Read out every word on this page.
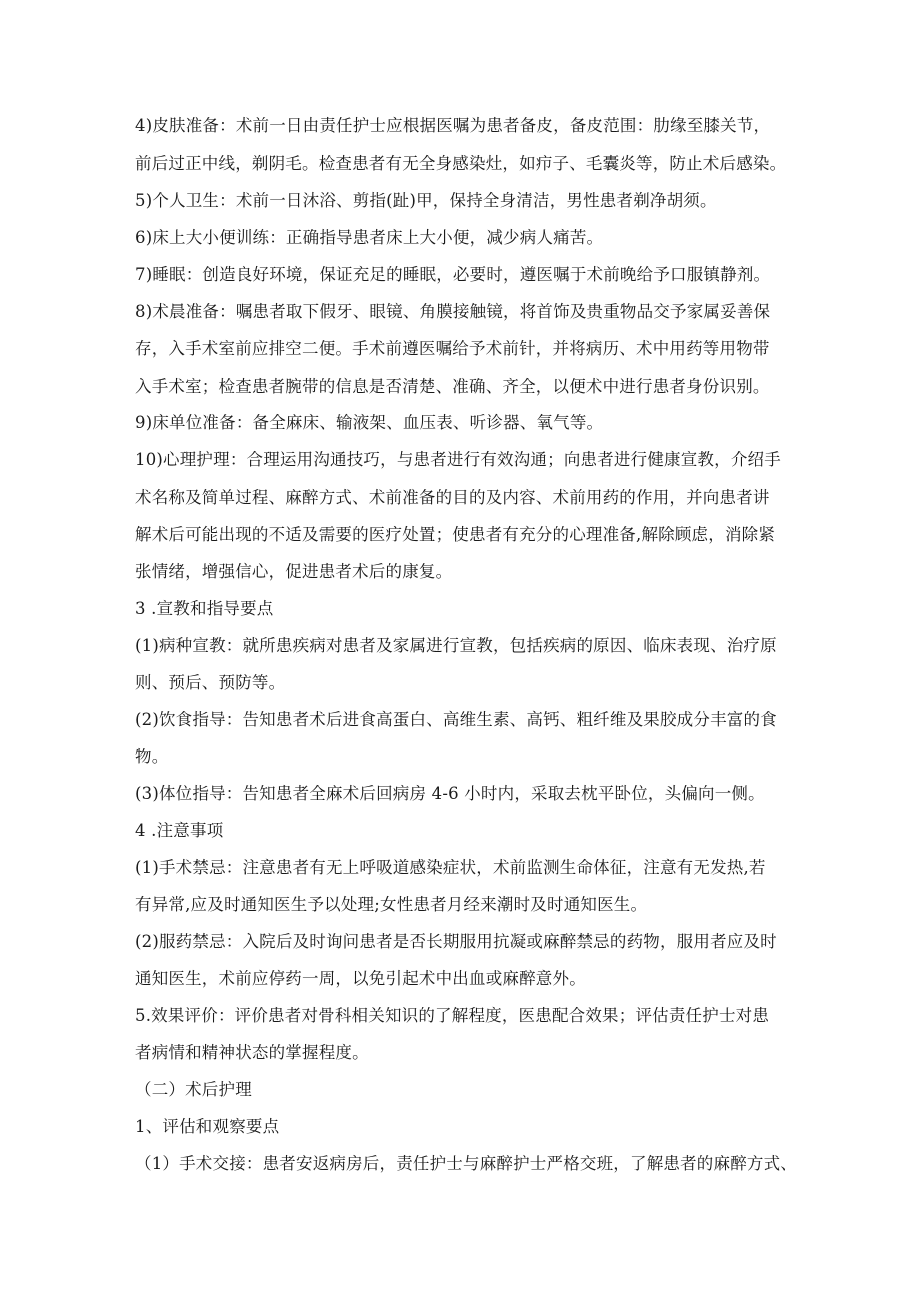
4)皮肤准备：术前一日由责任护士应根据医嘱为患者备皮，备皮范围：肋缘至膝关节，
前后过正中线，剃阴毛。检查患者有无全身感染灶，如疖子、毛囊炎等，防止术后感染。
5)个人卫生：术前一日沐浴、剪指(趾)甲，保持全身清洁，男性患者剃净胡须。
6)床上大小便训练：正确指导患者床上大小便，减少病人痛苦。
7)睡眠：创造良好环境，保证充足的睡眠，必要时，遵医嘱于术前晚给予口服镇静剂。
8)术晨准备：嘱患者取下假牙、眼镜、角膜接触镜，将首饰及贵重物品交予家属妥善保
存，入手术室前应排空二便。手术前遵医嘱给予术前针，并将病历、术中用药等用物带
入手术室；检查患者腕带的信息是否清楚、准确、齐全，以便术中进行患者身份识别。
9)床单位准备：备全麻床、输液架、血压表、听诊器、氧气等。
10)心理护理：合理运用沟通技巧，与患者进行有效沟通；向患者进行健康宣教，介绍手
术名称及简单过程、麻醉方式、术前准备的目的及内容、术前用药的作用，并向患者讲
解术后可能出现的不适及需要的医疗处置；使患者有充分的心理准备,解除顾虑，消除紧
张情绪，增强信心，促进患者术后的康复。
3 .宣教和指导要点
(1)病种宣教：就所患疾病对患者及家属进行宣教，包括疾病的原因、临床表现、治疗原
则、预后、预防等。
(2)饮食指导：告知患者术后进食高蛋白、高维生素、高钙、粗纤维及果胶成分丰富的食
物。
(3)体位指导：告知患者全麻术后回病房 4-6 小时内，采取去枕平卧位，头偏向一侧。
4 .注意事项
(1)手术禁忌：注意患者有无上呼吸道感染症状，术前监测生命体征，注意有无发热,若
有异常,应及时通知医生予以处理;女性患者月经来潮时及时通知医生。
(2)服药禁忌：入院后及时询问患者是否长期服用抗凝或麻醉禁忌的药物，服用者应及时
通知医生，术前应停药一周，以免引起术中出血或麻醉意外。
5.效果评价：评价患者对骨科相关知识的了解程度，医患配合效果；评估责任护士对患
者病情和精神状态的掌握程度。
（二）术后护理
1、评估和观察要点
（1）手术交接：患者安返病房后，责任护士与麻醉护士严格交班，了解患者的麻醉方式、
